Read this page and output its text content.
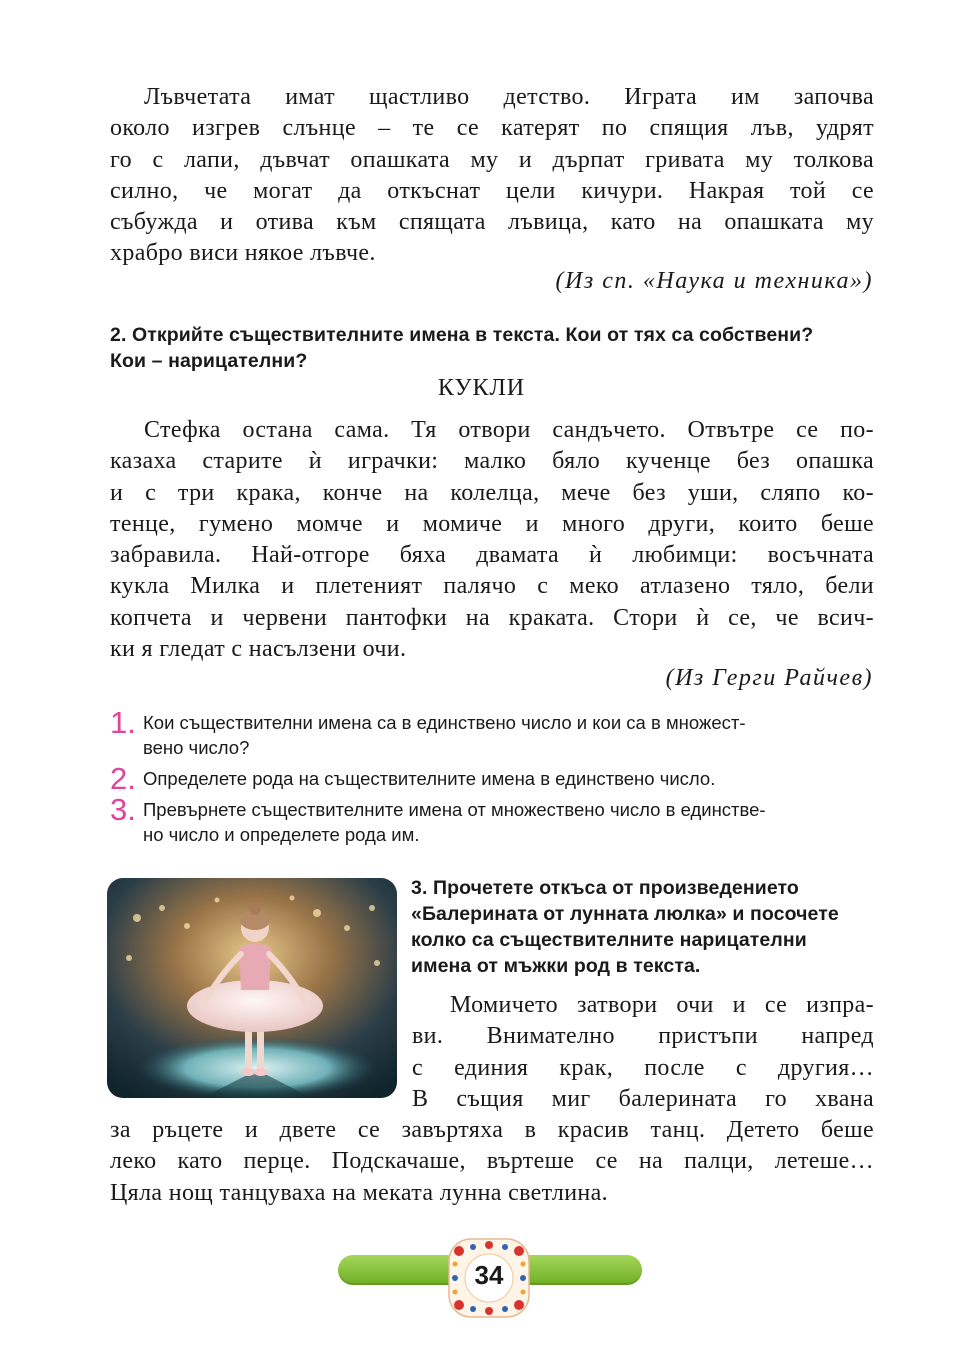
Лъвчетата имат щастливо детство. Играта им започва
около изгрев слънце – те се катерят по спящия лъв, удрят
го с лапи, дъвчат опашката му и дърпат гривата му толкова
силно, че могат да откъснат цели кичури. Накрая той се
събужда и отива към спящата лъвица, като на опашката му
храбро виси някое лъвче.
(Из сп. «Наука и техника»)
2. Открийте съществителните имена в текста. Кои от тях са собствени?
Кои – нарицателни?
КУКЛИ
Стефка остана сама. Тя отвори сандъчето. Отвътре се по-
казаха старите ѝ играчки: малко бяло кученце без опашка
и с три крака, конче на колелца, мече без уши, сляпо ко-
тенце, гумено момче и момиче и много други, които беше
забравила. Най-отгоре бяха двамата ѝ любимци: восъчната
кукла Милка и плетеният палячо с меко атлазено тяло, бели
копчета и червени пантофки на краката. Стори ѝ се, че всич-
ки я гледат с насълзени очи.
(Из Герги Райчев)
1. Кои съществителни имена са в единствено число и кои са в множест-
вено число?
2. Определете рода на съществителните имена в единствено число.
3. Превърнете съществителните имена от множествено число в единстве-
но число и определете рода им.
3. Прочетете откъса от произведението
«Балерината от лунната люлка» и посочете
колко са съществителните нарицателни
имена от мъжки род в текста.
Момичето затвори очи и се изпра-
ви. Внимателно пристъпи напред
с единия крак, после с другия…
В същия миг балерината го хвана
за ръцете и двете се завъртяха в красив танц. Детето беше
леко като перце. Подскачаше, въртеше се на палци, летеше…
Цяла нощ танцуваха на меката лунна светлина.
34
